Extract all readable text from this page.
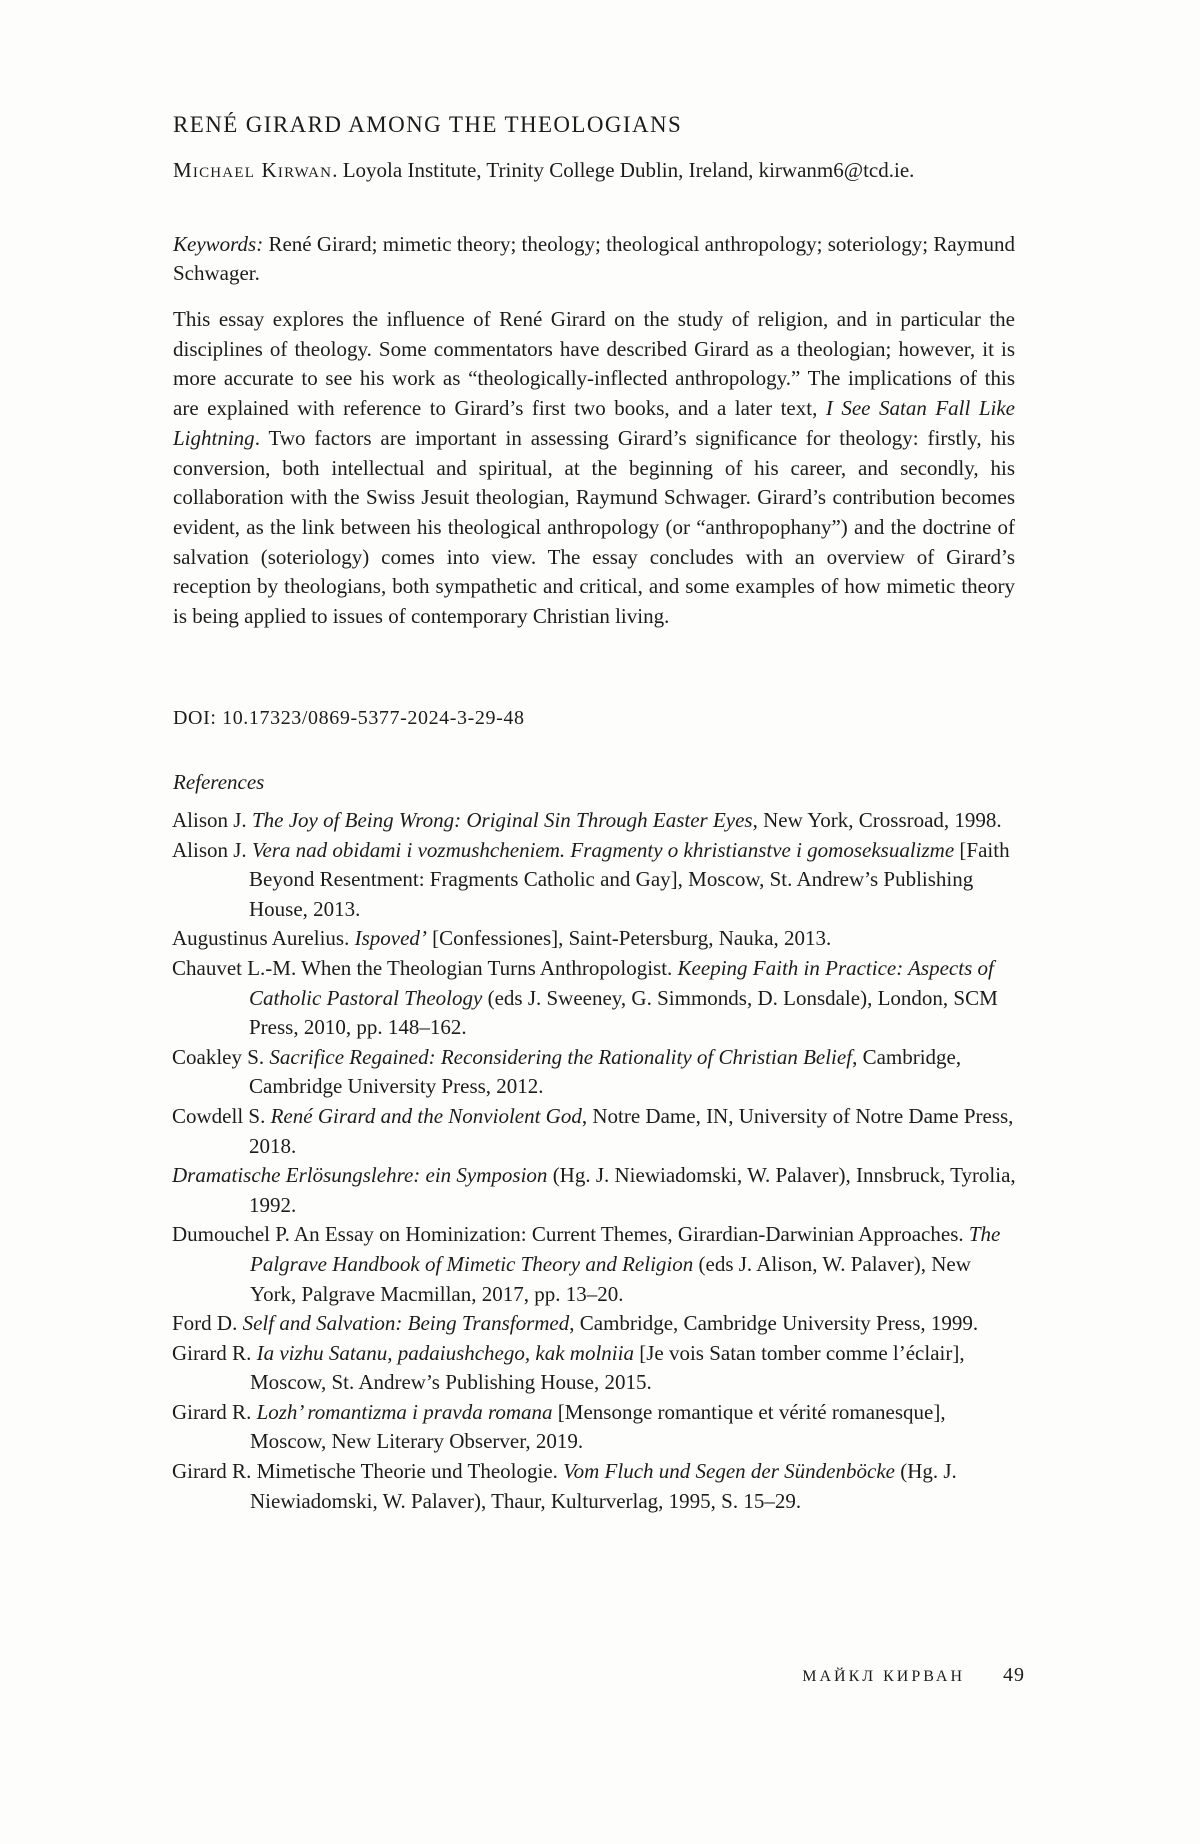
RENÉ GIRARD AMONG THE THEOLOGIANS
Michael Kirwan. Loyola Institute, Trinity College Dublin, Ireland, kirwanm6@tcd.ie.
Keywords: René Girard; mimetic theory; theology; theological anthropology; soteriology; Raymund Schwager.
This essay explores the influence of René Girard on the study of religion, and in particular the disciplines of theology. Some commentators have described Girard as a theologian; however, it is more accurate to see his work as “theologically-inflected anthropology.” The implications of this are explained with reference to Girard’s first two books, and a later text, I See Satan Fall Like Lightning. Two factors are important in assessing Girard’s significance for theology: firstly, his conversion, both intellectual and spiritual, at the beginning of his career, and secondly, his collaboration with the Swiss Jesuit theologian, Raymund Schwager. Girard’s contribution becomes evident, as the link between his theological anthropology (or “anthropophany”) and the doctrine of salvation (soteriology) comes into view. The essay concludes with an overview of Girard’s reception by theologians, both sympathetic and critical, and some examples of how mimetic theory is being applied to issues of contemporary Christian living.
DOI: 10.17323/0869-5377-2024-3-29-48
References
Alison J. The Joy of Being Wrong: Original Sin Through Easter Eyes, New York, Crossroad, 1998.
Alison J. Vera nad obidami i vozmushcheniem. Fragmenty o khristianstve i gomoseksualizme [Faith Beyond Resentment: Fragments Catholic and Gay], Moscow, St. Andrew’s Publishing House, 2013.
Augustinus Aurelius. Ispoved’ [Confessiones], Saint-Petersburg, Nauka, 2013.
Chauvet L.-M. When the Theologian Turns Anthropologist. Keeping Faith in Practice: Aspects of Catholic Pastoral Theology (eds J. Sweeney, G. Simmonds, D. Lonsdale), London, SCM Press, 2010, pp. 148–162.
Coakley S. Sacrifice Regained: Reconsidering the Rationality of Christian Belief, Cambridge, Cambridge University Press, 2012.
Cowdell S. René Girard and the Nonviolent God, Notre Dame, IN, University of Notre Dame Press, 2018.
Dramatische Erlösungslehre: ein Symposion (Hg. J. Niewiadomski, W. Palaver), Innsbruck, Tyrolia, 1992.
Dumouchel P. An Essay on Hominization: Current Themes, Girardian-Darwinian Approaches. The Palgrave Handbook of Mimetic Theory and Religion (eds J. Alison, W. Palaver), New York, Palgrave Macmillan, 2017, pp. 13–20.
Ford D. Self and Salvation: Being Transformed, Cambridge, Cambridge University Press, 1999.
Girard R. Ia vizhu Satanu, padaiushchego, kak molniia [Je vois Satan tomber comme l’éclair], Moscow, St. Andrew’s Publishing House, 2015.
Girard R. Lozh’ romantizma i pravda romana [Mensonge romantique et vérité romanesque], Moscow, New Literary Observer, 2019.
Girard R. Mimetische Theorie und Theologie. Vom Fluch und Segen der Sündenböcke (Hg. J. Niewiadomski, W. Palaver), Thaur, Kulturverlag, 1995, S. 15–29.
МАЙКЛ КИРВАН 49
